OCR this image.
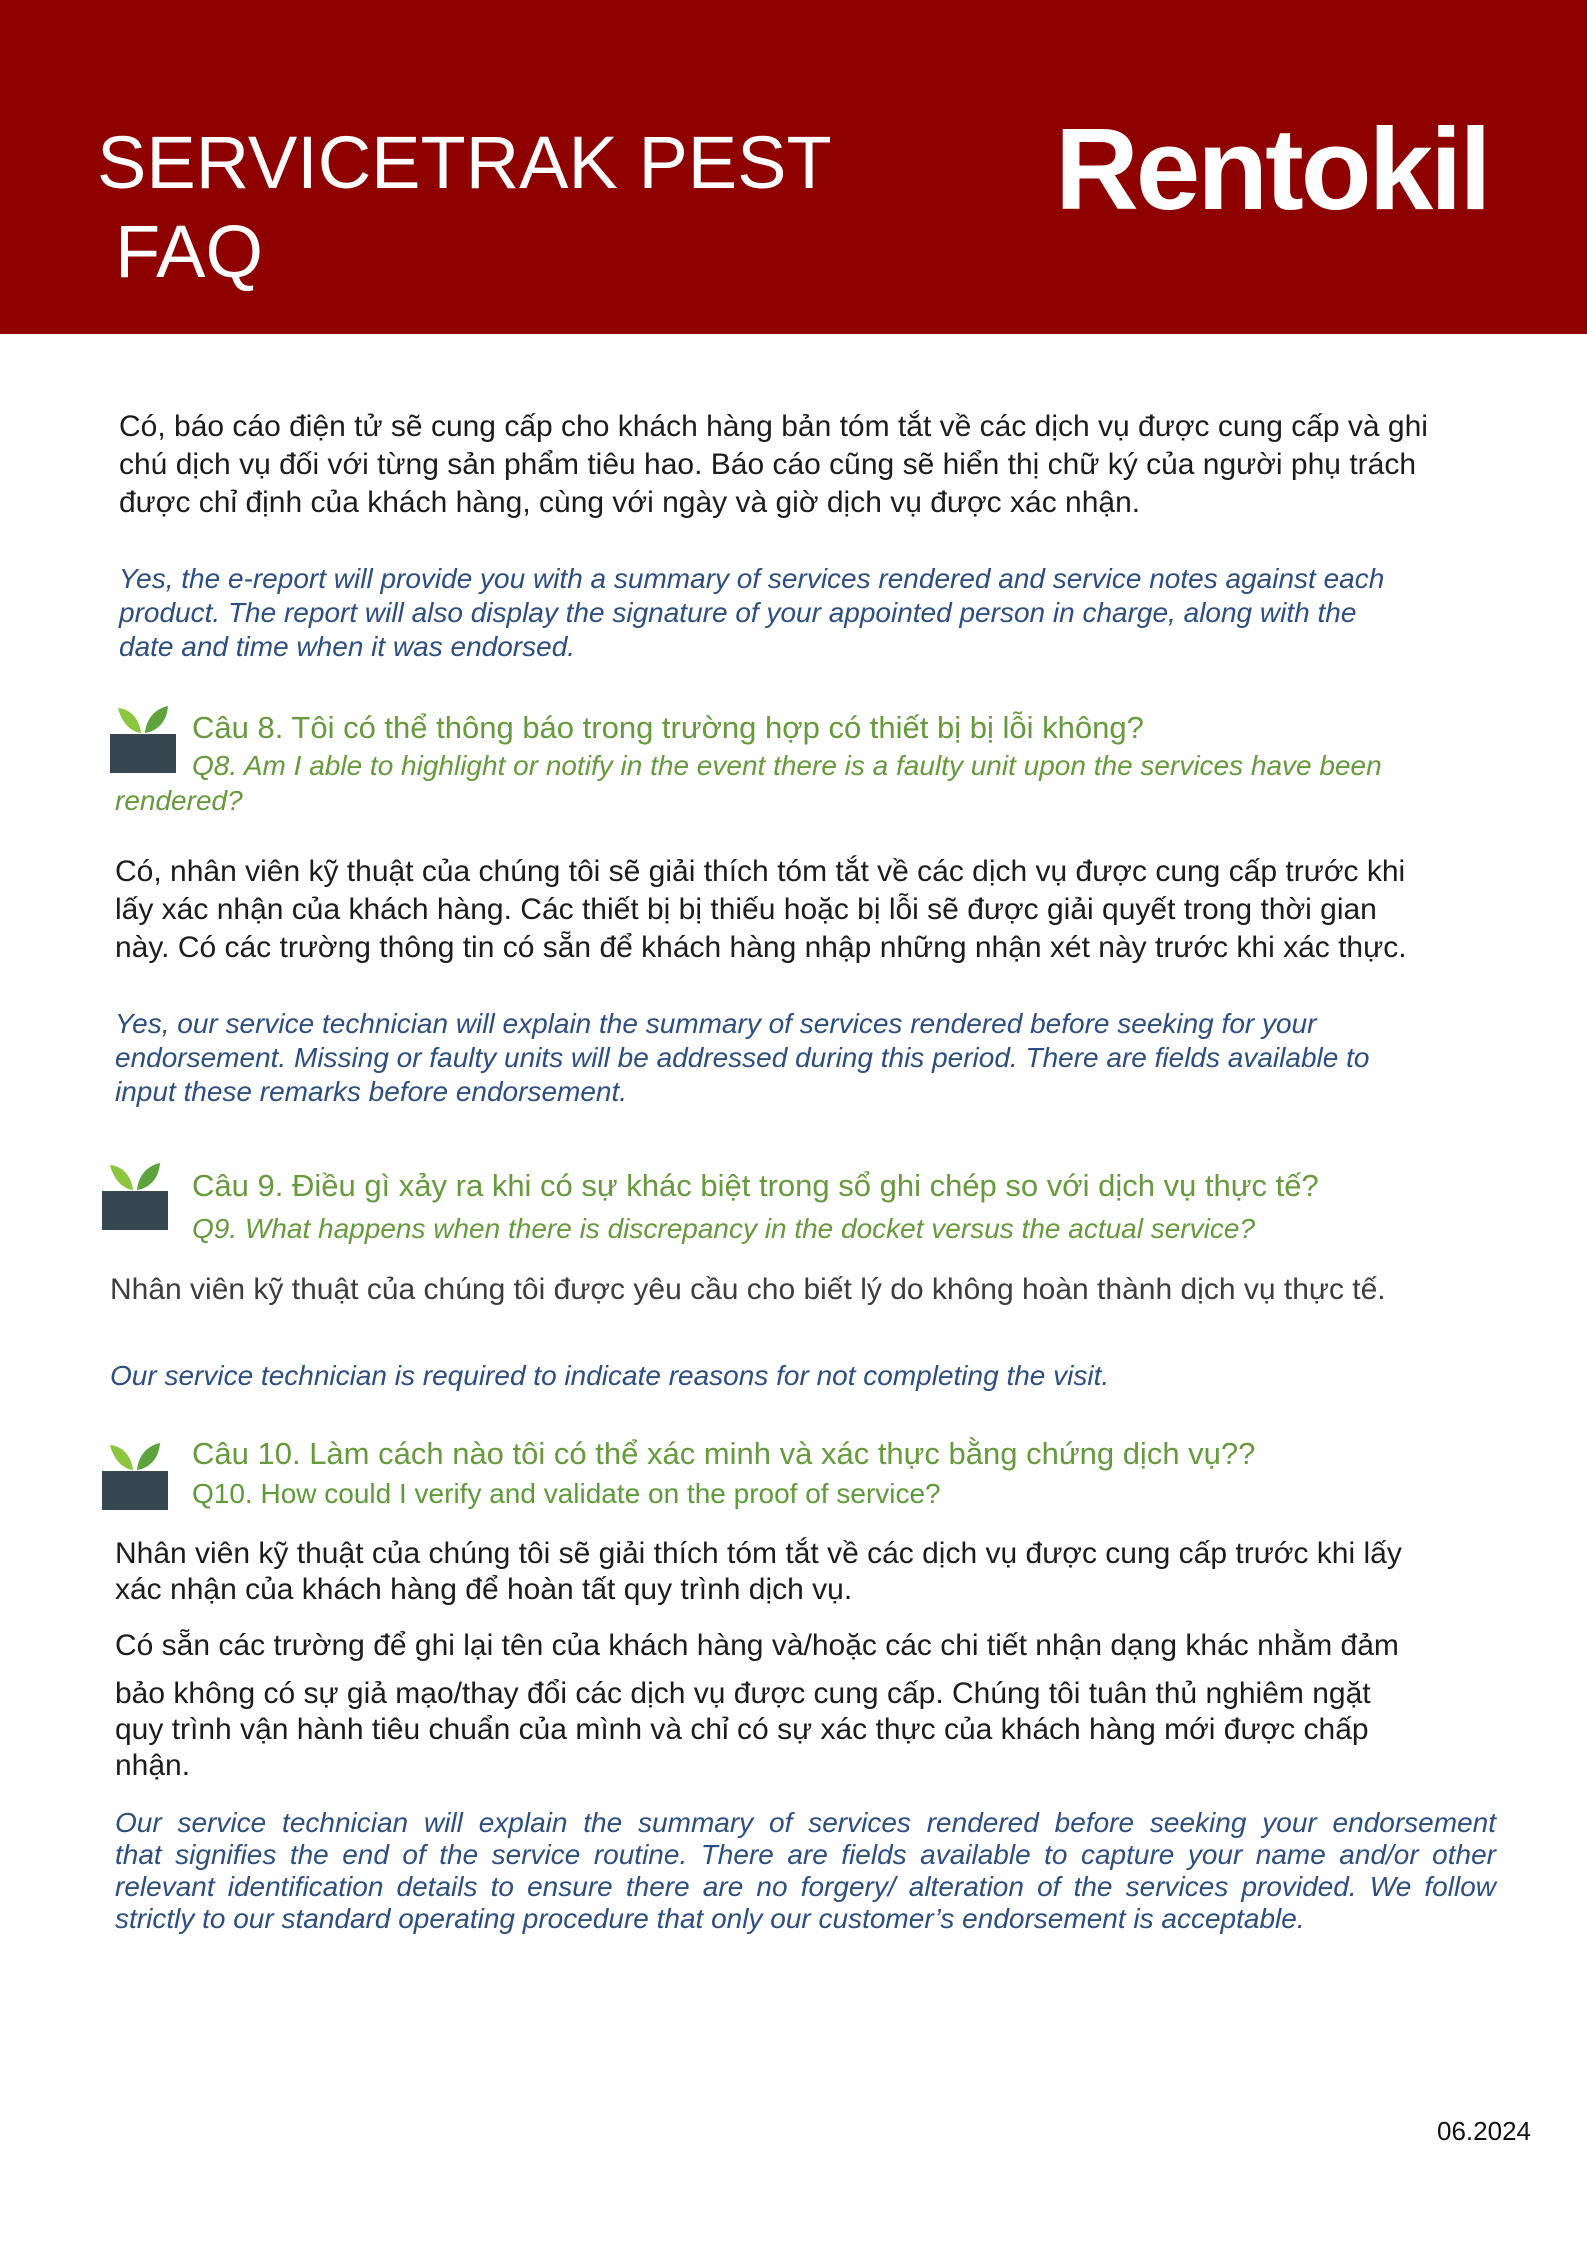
SERVICETRAK PEST
FAQ
Rentokil
Có, báo cáo điện tử sẽ cung cấp cho khách hàng bản tóm tắt về các dịch vụ được cung cấp và ghi
chú dịch vụ đối với từng sản phẩm tiêu hao. Báo cáo cũng sẽ hiển thị chữ ký của người phụ trách
được chỉ định của khách hàng, cùng với ngày và giờ dịch vụ được xác nhận.
Yes, the e-report will provide you with a summary of services rendered and service notes against each
product. The report will also display the signature of your appointed person in charge, along with the
date and time when it was endorsed.
Câu 8. Tôi có thể thông báo trong trường hợp có thiết bị bị lỗi không?
Q8. Am I able to highlight or notify in the event there is a faulty unit upon the services have been
rendered?
Có, nhân viên kỹ thuật của chúng tôi sẽ giải thích tóm tắt về các dịch vụ được cung cấp trước khi
lấy xác nhận của khách hàng. Các thiết bị bị thiếu hoặc bị lỗi sẽ được giải quyết trong thời gian
này. Có các trường thông tin có sẵn để khách hàng nhập những nhận xét này trước khi xác thực.
Yes, our service technician will explain the summary of services rendered before seeking for your
endorsement. Missing or faulty units will be addressed during this period. There are fields available to
input these remarks before endorsement.
Câu 9. Điều gì xảy ra khi có sự khác biệt trong sổ ghi chép so với dịch vụ thực tế?
Q9. What happens when there is discrepancy in the docket versus the actual service?
Nhân viên kỹ thuật của chúng tôi được yêu cầu cho biết lý do không hoàn thành dịch vụ thực tế.
Our service technician is required to indicate reasons for not completing the visit.
Câu 10. Làm cách nào tôi có thể xác minh và xác thực bằng chứng dịch vụ??
Q10. How could I verify and validate on the proof of service?
Nhân viên kỹ thuật của chúng tôi sẽ giải thích tóm tắt về các dịch vụ được cung cấp trước khi lấy
xác nhận của khách hàng để hoàn tất quy trình dịch vụ.
Có sẵn các trường để ghi lại tên của khách hàng và/hoặc các chi tiết nhận dạng khác nhằm đảm
bảo không có sự giả mạo/thay đổi các dịch vụ được cung cấp. Chúng tôi tuân thủ nghiêm ngặt
quy trình vận hành tiêu chuẩn của mình và chỉ có sự xác thực của khách hàng mới được chấp
nhận.
Our service technician will explain the summary of services rendered before seeking your endorsement
that signifies the end of the service routine. There are fields available to capture your name and/or other
relevant identification details to ensure there are no forgery/ alteration of the services provided. We follow
strictly to our standard operating procedure that only our customer’s endorsement is acceptable.
06.2024
